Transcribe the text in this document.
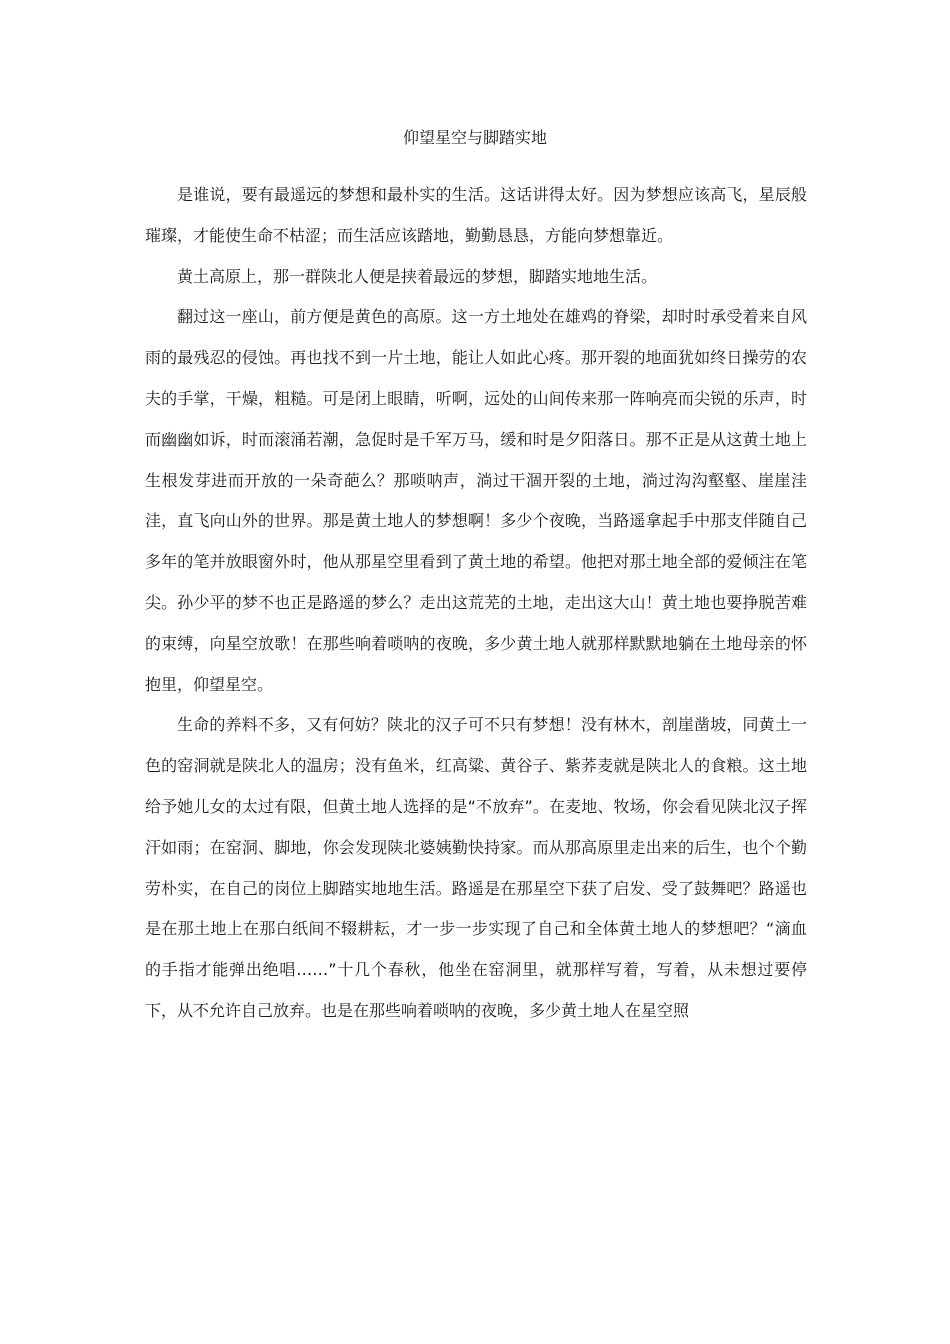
仰望星空与脚踏实地

是谁说，要有最遥远的梦想和最朴实的生活。这话讲得太好。因为梦想应该高飞，星辰般璀璨，才能使生命不枯涩；而生活应该踏地，勤勤恳恳，方能向梦想靠近。

黄土高原上，那一群陕北人便是挟着最远的梦想，脚踏实地地生活。

翻过这一座山，前方便是黄色的高原。这一方土地处在雄鸡的脊梁，却时时承受着来自风雨的最残忍的侵蚀。再也找不到一片土地，能让人如此心疼。那开裂的地面犹如终日操劳的农夫的手掌，干燥，粗糙。可是闭上眼睛，听啊，远处的山间传来那一阵响亮而尖锐的乐声，时而幽幽如诉，时而滚涌若潮，急促时是千军万马，缓和时是夕阳落日。那不正是从这黄土地上生根发芽进而开放的一朵奇葩么？那唢呐声，淌过干涸开裂的土地，淌过沟沟壑壑、崖崖洼洼，直飞向山外的世界。那是黄土地人的梦想啊！多少个夜晚，当路遥拿起手中那支伴随自己多年的笔并放眼窗外时，他从那星空里看到了黄土地的希望。他把对那土地全部的爱倾注在笔尖。孙少平的梦不也正是路遥的梦么？走出这荒芜的土地，走出这大山！黄土地也要挣脱苦难的束缚，向星空放歌！在那些响着唢呐的夜晚，多少黄土地人就那样默默地躺在土地母亲的怀抱里，仰望星空。

生命的养料不多，又有何妨？陕北的汉子可不只有梦想！没有林木，剖崖凿坡，同黄土一色的窑洞就是陕北人的温房；没有鱼米，红高粱、黄谷子、紫荞麦就是陕北人的食粮。这土地给予她儿女的太过有限，但黄土地人选择的是“不放弃”。在麦地、牧场，你会看见陕北汉子挥汗如雨；在窑洞、脚地，你会发现陕北婆姨勤快持家。而从那高原里走出来的后生，也个个勤劳朴实，在自己的岗位上脚踏实地地生活。路遥是在那星空下获了启发、受了鼓舞吧？路遥也是在那土地上在那白纸间不辍耕耘，才一步一步实现了自己和全体黄土地人的梦想吧？“滴血的手指才能弹出绝唱……”十几个春秋，他坐在窑洞里，就那样写着，写着，从未想过要停下，从不允许自己放弃。也是在那些响着唢呐的夜晚，多少黄土地人在星空照
